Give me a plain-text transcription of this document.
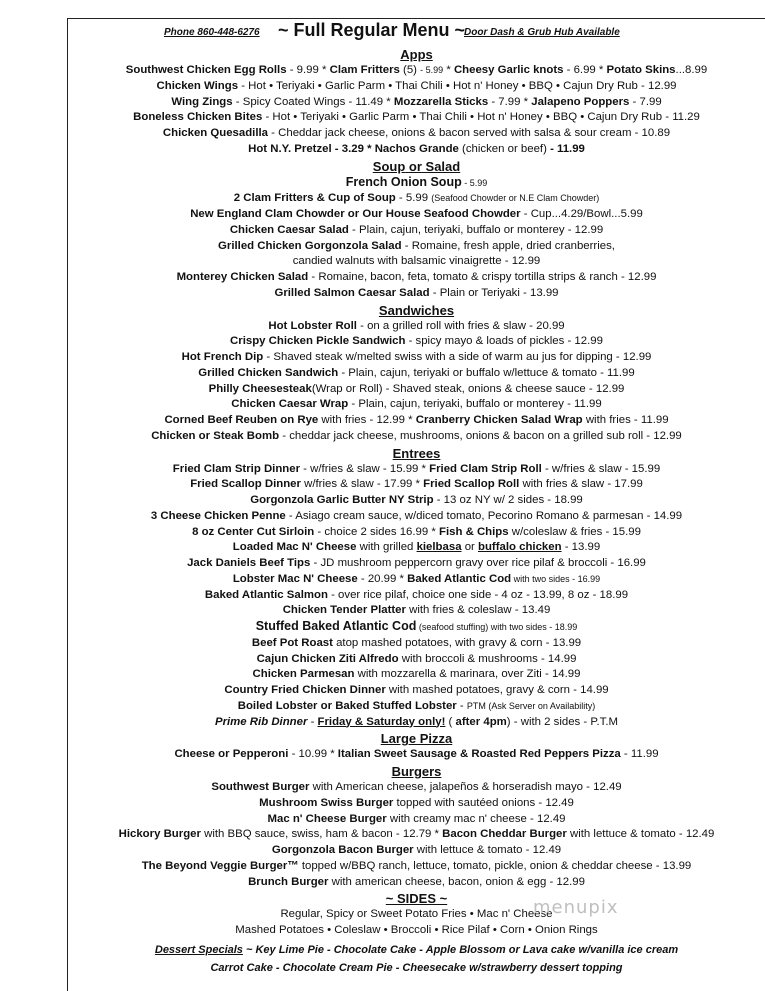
Phone 860-448-6276 ~ Full Regular Menu ~
Door Dash & Grub Hub Available
Apps
Southwest Chicken Egg Rolls - 9.99 * Clam Fritters (5) - 5.99 * Cheesy Garlic knots - 6.99 * Potato Skins...8.99
Chicken Wings - Hot • Teriyaki • Garlic Parm • Thai Chili • Hot n' Honey • BBQ • Cajun Dry Rub - 12.99
Wing Zings - Spicy Coated Wings - 11.49 * Mozzarella Sticks - 7.99 * Jalapeno Poppers - 7.99
Boneless Chicken Bites - Hot • Teriyaki • Garlic Parm • Thai Chili • Hot n' Honey • BBQ • Cajun Dry Rub - 11.29
Chicken Quesadilla - Cheddar jack cheese, onions & bacon served with salsa & sour cream - 10.89
Hot N.Y. Pretzel - 3.29 * Nachos Grande (chicken or beef) - 11.99
Soup or Salad
French Onion Soup - 5.99
2 Clam Fritters & Cup of Soup - 5.99 (Seafood Chowder or N.E Clam Chowder)
New England Clam Chowder or Our House Seafood Chowder - Cup...4.29/Bowl...5.99
Chicken Caesar Salad - Plain, cajun, teriyaki, buffalo or monterey - 12.99
Grilled Chicken Gorgonzola Salad - Romaine, fresh apple, dried cranberries,
candied walnuts with balsamic vinaigrette - 12.99
Monterey Chicken Salad - Romaine, bacon, feta, tomato & crispy tortilla strips & ranch - 12.99
Grilled Salmon Caesar Salad - Plain or Teriyaki - 13.99
Sandwiches
Hot Lobster Roll - on a grilled roll with fries & slaw - 20.99
Crispy Chicken Pickle Sandwich - spicy mayo & loads of pickles - 12.99
Hot French Dip - Shaved steak w/melted swiss with a side of warm au jus for dipping - 12.99
Grilled Chicken Sandwich - Plain, cajun, teriyaki or buffalo w/lettuce & tomato - 11.99
Philly Cheesesteak(Wrap or Roll) - Shaved steak, onions & cheese sauce - 12.99
Chicken Caesar Wrap - Plain, cajun, teriyaki, buffalo or monterey - 11.99
Corned Beef Reuben on Rye with fries - 12.99 * Cranberry Chicken Salad Wrap with fries - 11.99
Chicken or Steak Bomb - cheddar jack cheese, mushrooms, onions & bacon on a grilled sub roll - 12.99
Entrees
Fried Clam Strip Dinner - w/fries & slaw - 15.99 * Fried Clam Strip Roll - w/fries & slaw - 15.99
Fried Scallop Dinner w/fries & slaw - 17.99 * Fried Scallop Roll with fries & slaw - 17.99
Gorgonzola Garlic Butter NY Strip - 13 oz NY w/ 2 sides - 18.99
3 Cheese Chicken Penne - Asiago cream sauce, w/diced tomato, Pecorino Romano & parmesan - 14.99
8 oz Center Cut Sirloin - choice 2 sides 16.99 * Fish & Chips w/coleslaw & fries - 15.99
Loaded Mac N' Cheese with grilled kielbasa or buffalo chicken - 13.99
Jack Daniels Beef Tips - JD mushroom peppercorn gravy over rice pilaf & broccoli - 16.99
Lobster Mac N' Cheese - 20.99 * Baked Atlantic Cod with two sides - 16.99
Baked Atlantic Salmon - over rice pilaf, choice one side - 4 oz - 13.99, 8 oz - 18.99
Chicken Tender Platter with fries & coleslaw - 13.49
Stuffed Baked Atlantic Cod (seafood stuffing) with two sides - 18.99
Beef Pot Roast atop mashed potatoes, with gravy & corn - 13.99
Cajun Chicken Ziti Alfredo with broccoli & mushrooms - 14.99
Chicken Parmesan with mozzarella & marinara, over Ziti - 14.99
Country Fried Chicken Dinner with mashed potatoes, gravy & corn - 14.99
Boiled Lobster or Baked Stuffed Lobster - PTM (Ask Server on Availability)
Prime Rib Dinner - Friday & Saturday only! ( after 4pm) - with 2 sides - P.T.M
Large Pizza
Cheese or Pepperoni - 10.99 * Italian Sweet Sausage & Roasted Red Peppers Pizza - 11.99
Burgers
Southwest Burger with American cheese, jalapeños & horseradish mayo - 12.49
Mushroom Swiss Burger topped with sautéed onions - 12.49
Mac n' Cheese Burger with creamy mac n' cheese - 12.49
Hickory Burger with BBQ sauce, swiss, ham & bacon - 12.79 * Bacon Cheddar Burger with lettuce & tomato - 12.49
Gorgonzola Bacon Burger with lettuce & tomato - 12.49
The Beyond Veggie Burger™ topped w/BBQ ranch, lettuce, tomato, pickle, onion & cheddar cheese - 13.99
Brunch Burger with american cheese, bacon, onion & egg - 12.99
~ SIDES ~
Regular, Spicy or Sweet Potato Fries • Mac n' Cheese
Mashed Potatoes • Coleslaw • Broccoli • Rice Pilaf • Corn • Onion Rings
Dessert Specials ~ Key Lime Pie - Chocolate Cake - Apple Blossom or Lava cake w/vanilla ice cream
Carrot Cake - Chocolate Cream Pie - Cheesecake w/strawberry dessert topping
menupix
